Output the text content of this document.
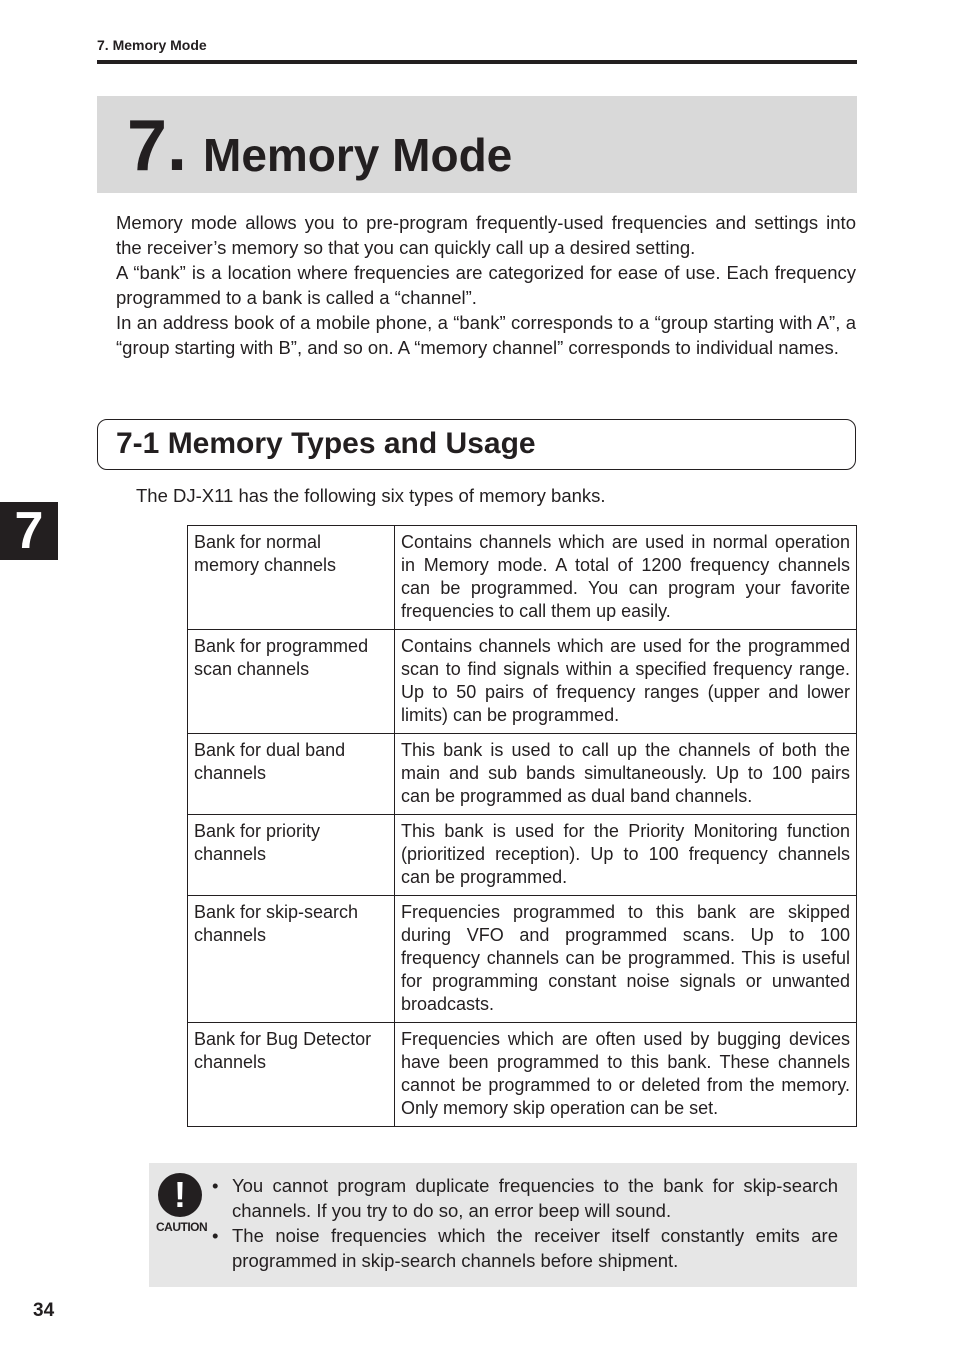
7. Memory Mode
7. Memory Mode

Memory mode allows you to pre-program frequently-used frequencies and settings into the receiver’s memory so that you can quickly call up a desired setting.

A “bank” is a location where frequencies are categorized for ease of use. Each frequency programmed to a bank is called a “channel”.

In an address book of a mobile phone, a “bank” corresponds to a “group starting with A”, a “group starting with B”, and so on. A “memory channel” corresponds to individual names.

7-1 Memory Types and Usage

The DJ-X11 has the following six types of memory banks.

7	Bank for normal memory channels	Contains channels which are used in normal operation in Memory mode. A total of 1200 frequency channels can be programmed. You can program your favorite frequencies to call them up easily.
Bank for programmed scan channels	Contains channels which are used for the programmed scan to find signals within a specified frequency range. Up to 50 pairs of frequency ranges (upper and lower limits) can be programmed.
Bank for dual band channels	This bank is used to call up the channels of both the main and sub bands simultaneously. Up to 100 pairs can be programmed as dual band channels.
Bank for priority channels	This bank is used for the Priority Monitoring function (prioritized reception). Up to 100 frequency channels can be programmed.
Bank for skip-search channels	Frequencies programmed to this bank are skipped during VFO and programmed scans. Up to 100 frequency channels can be programmed. This is useful for programming constant noise signals or unwanted broadcasts.
Bank for Bug Detector channels	Frequencies which are often used by bugging devices have been programmed to this bank. These channels cannot be programmed to or deleted from the memory. Only memory skip operation can be set.
!
CAUTION
• You cannot program duplicate frequencies to the bank for skip-search channels. If you try to do so, an error beep will sound.
• The noise frequencies which the receiver itself constantly emits are programmed in skip-search channels before shipment.
34
